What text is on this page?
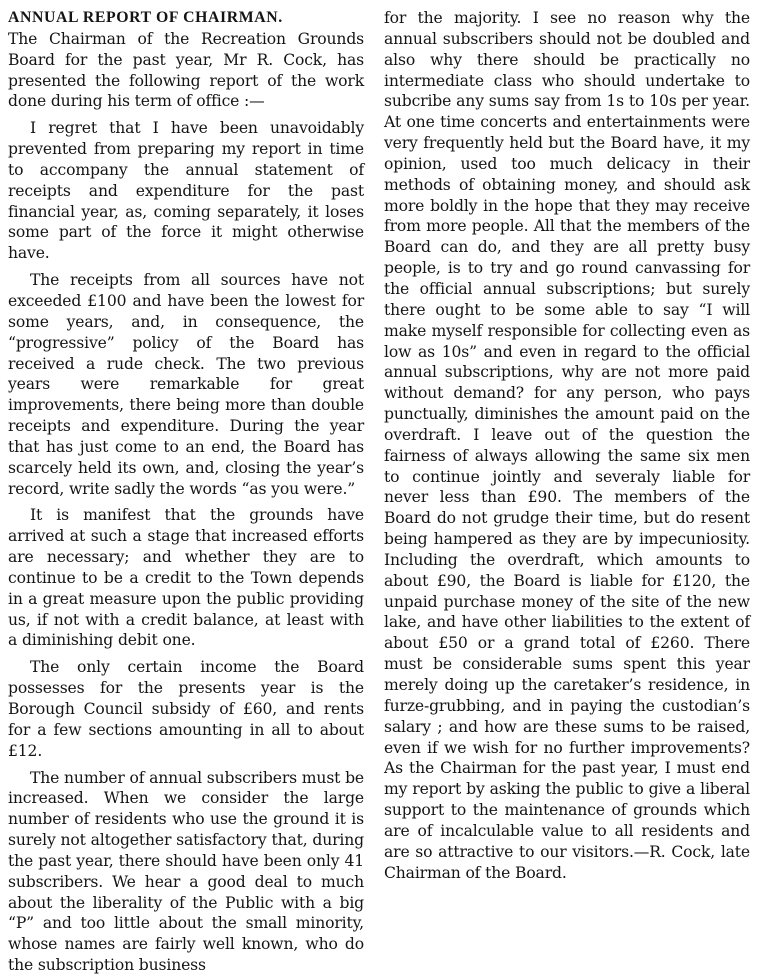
ANNUAL REPORT OF CHAIRMAN.

The Chairman of the Recreation Grounds Board for the past year, Mr R. Cock, has presented the following report of the work done during his term of office :—

I regret that I have been unavoidably prevented from preparing my report in time to accompany the annual statement of receipts and expenditure for the past financial year, as, coming separately, it loses some part of the force it might otherwise have.

The receipts from all sources have not exceeded £100 and have been the lowest for some years, and, in consequence, the “progressive” policy of the Board has received a rude check. The two previous years were remarkable for great improvements, there being more than double receipts and expenditure. During the year that has just come to an end, the Board has scarcely held its own, and, closing the year’s record, write sadly the words “as you were.”

It is manifest that the grounds have arrived at such a stage that increased efforts are necessary; and whether they are to continue to be a credit to the Town depends in a great measure upon the public providing us, if not with a credit balance, at least with a diminishing debit one.

The only certain income the Board possesses for the presents year is the Borough Council subsidy of £60, and rents for a few sections amounting in all to about £12.

The number of annual subscribers must be increased. When we consider the large number of residents who use the ground it is surely not altogether satisfactory that, during the past year, there should have been only 41 subscribers. We hear a good deal to much about the liberality of the Public with a big “P” and too little about the small minority, whose names are fairly well known, who do the subscription business

for the majority. I see no reason why the annual subscribers should not be doubled and also why there should be practically no intermediate class who should undertake to subcribe any sums say from 1s to 10s per year. At one time concerts and entertainments were very frequently held but the Board have, it my opinion, used too much delicacy in their methods of obtaining money, and should ask more boldly in the hope that they may receive from more people. All that the members of the Board can do, and they are all pretty busy people, is to try and go round canvassing for the official annual subscriptions; but surely there ought to be some able to say “I will make myself responsible for collecting even as low as 10s” and even in regard to the official annual subscriptions, why are not more paid without demand? for any person, who pays punctually, diminishes the amount paid on the overdraft. I leave out of the question the fairness of always allowing the same six men to continue jointly and severaly liable for never less than £90. The members of the Board do not grudge their time, but do resent being hampered as they are by impecuniosity. Including the overdraft, which amounts to about £90, the Board is liable for £120, the unpaid purchase money of the site of the new lake, and have other liabilities to the extent of about £50 or a grand total of £260. There must be considerable sums spent this year merely doing up the caretaker’s residence, in furze-grubbing, and in paying the custodian’s salary ; and how are these sums to be raised, even if we wish for no further improvements? As the Chairman for the past year, I must end my report by asking the public to give a liberal support to the maintenance of grounds which are of incalculable value to all residents and are so attractive to our visitors.—R. Cock, late Chairman of the Board.
